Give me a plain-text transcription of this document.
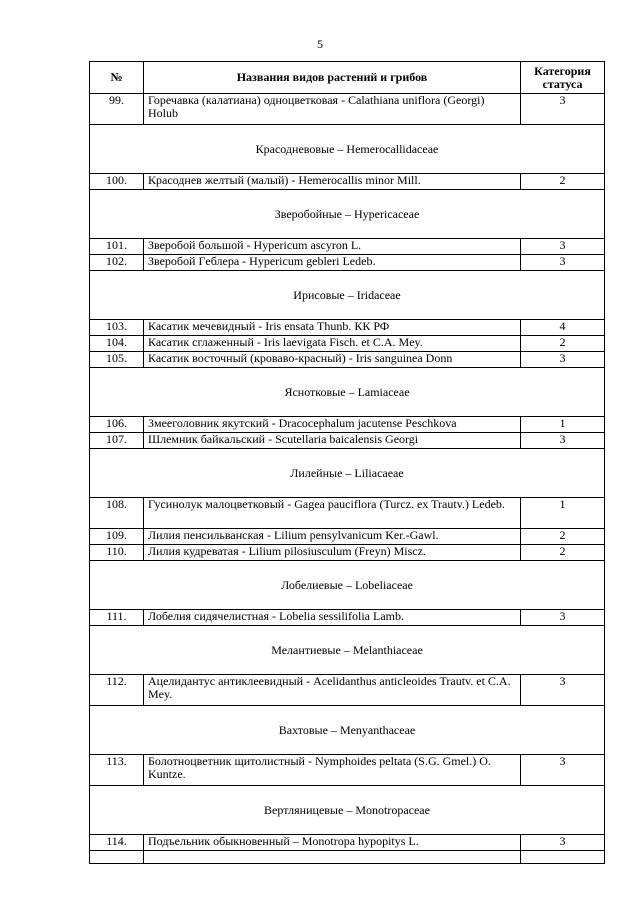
5
№	Названия видов растений и грибов	Категория статуса
99.	Горечавка (калатиана) одноцветковая - Calathiana uniflora (Georgi) Holub	3
Красодневовые – Hemerocallidaceae		
100.	Красоднев желтый (малый) - Hemerocallis minor Mill.	2
Зверобойные – Hypericaceae		
101.	Зверобой большой - Hypericum ascyron L.	3
102.	Зверобой Гeблера - Hypericum gebleri Ledeb.	3
Ирисовые – Iridaceae		
103.	Касатик мечевидный - Iris ensata Thunb. КК РФ	4
104.	Касатик сглаженный - Iris laevigata Fisch. et C.A. Mey.	2
105.	Касатик восточный (кроваво-красный) - Iris sanguinea Donn	3
Яснотковые – Lamiaceae		
106.	Змееголовник якутский - Dracocephalum jacutense Peschkova	1
107.	Шлемник байкальский - Scutellaria baicalensis Georgi	3
Лилейные – Liliacaeae		
108.	Гусинолук малоцветковый - Gagea pauciflora (Turcz. ex Trautv.) Ledeb.	1
109.	Лилия пенсильванская - Lilium pensylvanicum Ker.-Gawl.	2
110.	Лилия кудреватая - Lilium pilosiusculum (Freyn) Miscz.	2
Лобелиевые – Lobeliaceae		
111.	Лобелия сидячелистная - Lobelia sessilifolia Lamb.	3
Мелантиевые – Melanthiaceae		
112.	Ацелидантус антиклеевидный - Acelidanthus anticleoides Trautv. et C.A. Mey.	3
Вахтовые – Menyanthaceae		
113.	Болотноцветник щитолистный - Nymphoides peltata (S.G. Gmel.) O. Kuntze.	3
Вертляницевые – Monotropaceae		
114.	Подъельник обыкновенный – Monotropa hypopitys L.	3
